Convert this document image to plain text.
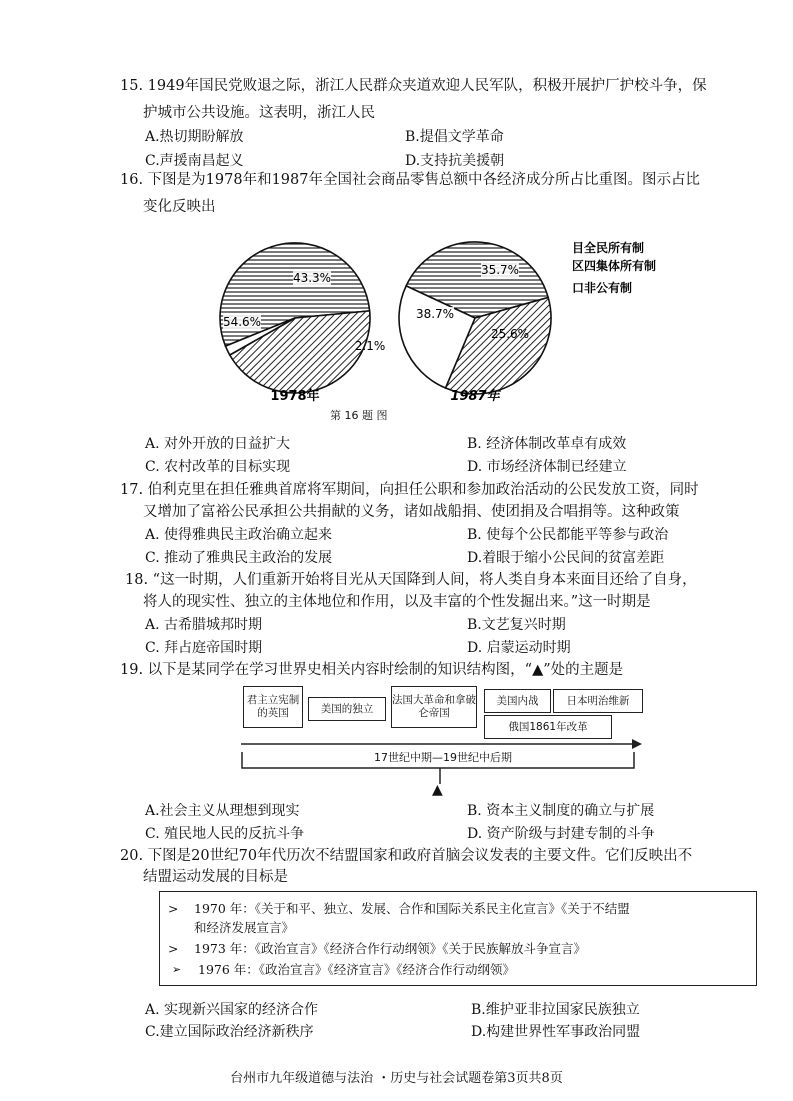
15. 1949年国民党败退之际，浙江人民群众夹道欢迎人民军队，积极开展护厂护校斗争，保
护城市公共设施。这表明，浙江人民
A.热切期盼解放	B.提倡文学革命
C.声援南昌起义	D.支持抗美援朝
16. 下图是为1978年和1987年全国社会商品零售总额中各经济成分所占比重图。图示占比
变化反映出
54.6%
43.3%
2.1%
38.7%
35.7%
25.6%
1978年	1987年
目全民所有制
区四集体所有制
口非公有制
第 16 题 图
A. 对外开放的日益扩大	B. 经济体制改革卓有成效
C. 农村改革的目标实现	D. 市场经济体制已经建立
17. 伯利克里在担任雅典首席将军期间，向担任公职和参加政治活动的公民发放工资，同时
又增加了富裕公民承担公共捐献的义务，诸如战船捐、使团捐及合唱捐等。这种政策
A. 使得雅典民主政治确立起来	B. 使每个公民都能平等参与政治
C. 推动了雅典民主政治的发展	D.着眼于缩小公民间的贫富差距
18. “这一时期，人们重新开始将目光从天国降到人间，将人类自身本来面目还给了自身，
将人的现实性、独立的主体地位和作用，以及丰富的个性发掘出来。”这一时期是
A. 古希腊城邦时期	B.文艺复兴时期
C. 拜占庭帝国时期	D. 启蒙运动时期
19. 以下是某同学在学习世界史相关内容时绘制的知识结构图，“▲”处的主题是
君主立宪制的英国	美国的独立
法国大革命和拿破仑帝国
美国内战	日本明治维新
俄国1861年改革
17世纪中期—19世纪中后期
▲
A.社会主义从理想到现实	B. 资本主义制度的确立与扩展
C. 殖民地人民的反抗斗争	D. 资产阶级与封建专制的斗争
20. 下图是20世纪70年代历次不结盟国家和政府首脑会议发表的主要文件。它们反映出不
结盟运动发展的目标是
> 1970 年：《关于和平、独立、发展、合作和国际关系民主化宣言》《关于不结盟
和经济发展宣言》
> 1973 年：《政治宣言》《经济合作行动纲领》《关于民族解放斗争宣言》
➢ 1976 年：《政治宣言》《经济宣言》《经济合作行动纲领》
A. 实现新兴国家的经济合作	B.维护亚非拉国家民族独立
C.建立国际政治经济新秩序	D.构建世界性军事政治同盟
台州市九年级道德与法治 ・历史与社会试题卷第3页共8页
